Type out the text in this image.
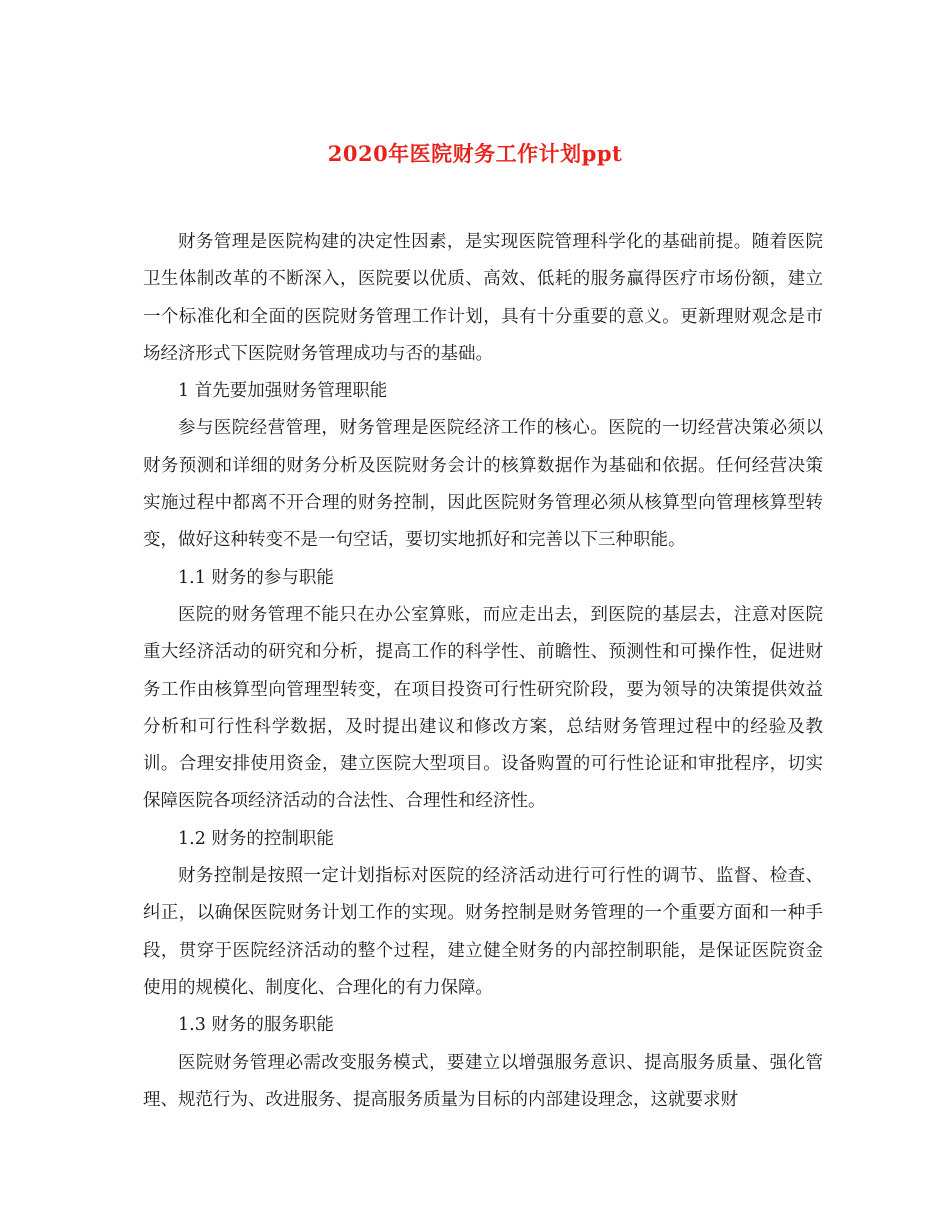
2020年医院财务工作计划ppt

财务管理是医院构建的决定性因素，是实现医院管理科学化的基础前提。随着医院卫生体制改革的不断深入，医院要以优质、高效、低耗的服务赢得医疗市场份额，建立一个标准化和全面的医院财务管理工作计划，具有十分重要的意义。更新理财观念是市场经济形式下医院财务管理成功与否的基础。

1 首先要加强财务管理职能

参与医院经营管理，财务管理是医院经济工作的核心。医院的一切经营决策必须以财务预测和详细的财务分析及医院财务会计的核算数据作为基础和依据。任何经营决策实施过程中都离不开合理的财务控制，因此医院财务管理必须从核算型向管理核算型转变，做好这种转变不是一句空话，要切实地抓好和完善以下三种职能。

1.1 财务的参与职能

医院的财务管理不能只在办公室算账，而应走出去，到医院的基层去，注意对医院重大经济活动的研究和分析，提高工作的科学性、前瞻性、预测性和可操作性，促进财务工作由核算型向管理型转变，在项目投资可行性研究阶段，要为领导的决策提供效益分析和可行性科学数据，及时提出建议和修改方案，总结财务管理过程中的经验及教训。合理安排使用资金，建立医院大型项目。设备购置的可行性论证和审批程序，切实保障医院各项经济活动的合法性、合理性和经济性。

1.2 财务的控制职能

财务控制是按照一定计划指标对医院的经济活动进行可行性的调节、监督、检查、纠正，以确保医院财务计划工作的实现。财务控制是财务管理的一个重要方面和一种手段，贯穿于医院经济活动的整个过程，建立健全财务的内部控制职能，是保证医院资金使用的规模化、制度化、合理化的有力保障。

1.3 财务的服务职能

医院财务管理必需改变服务模式，要建立以增强服务意识、提高服务质量、强化管理、规范行为、改进服务、提高服务质量为目标的内部建设理念，这就要求财
